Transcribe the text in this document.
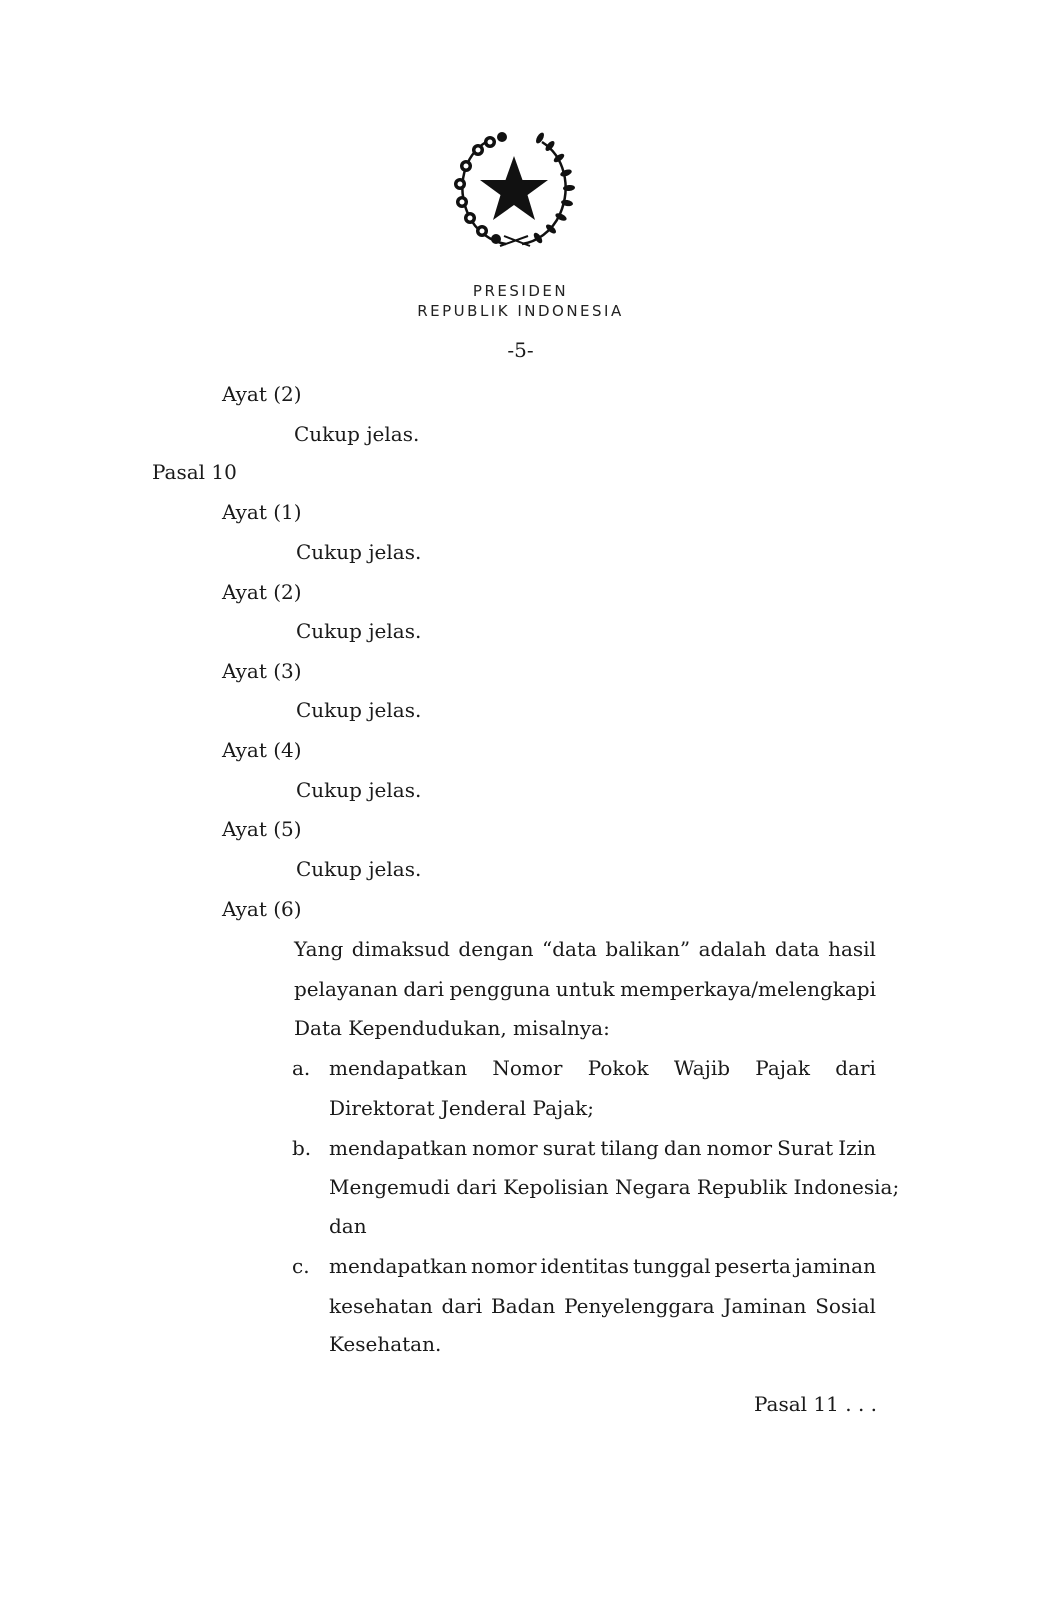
PRESIDEN
REPUBLIK INDONESIA
-5-
Ayat (2)
Cukup jelas.
Pasal 10
Ayat (1)
Cukup jelas.
Ayat (2)
Cukup jelas.
Ayat (3)
Cukup jelas.
Ayat (4)
Cukup jelas.
Ayat (5)
Cukup jelas.
Ayat (6)
Yang dimaksud dengan “data balikan” adalah data hasil
pelayanan dari pengguna untuk memperkaya/melengkapi
Data Kependudukan, misalnya:
a. mendapatkan Nomor Pokok Wajib Pajak dari
Direktorat Jenderal Pajak;
b. mendapatkan nomor surat tilang dan nomor Surat Izin
Mengemudi dari Kepolisian Negara Republik Indonesia;
dan
c. mendapatkan nomor identitas tunggal peserta jaminan
kesehatan dari Badan Penyelenggara Jaminan Sosial
Kesehatan.
Pasal 11 . . .
